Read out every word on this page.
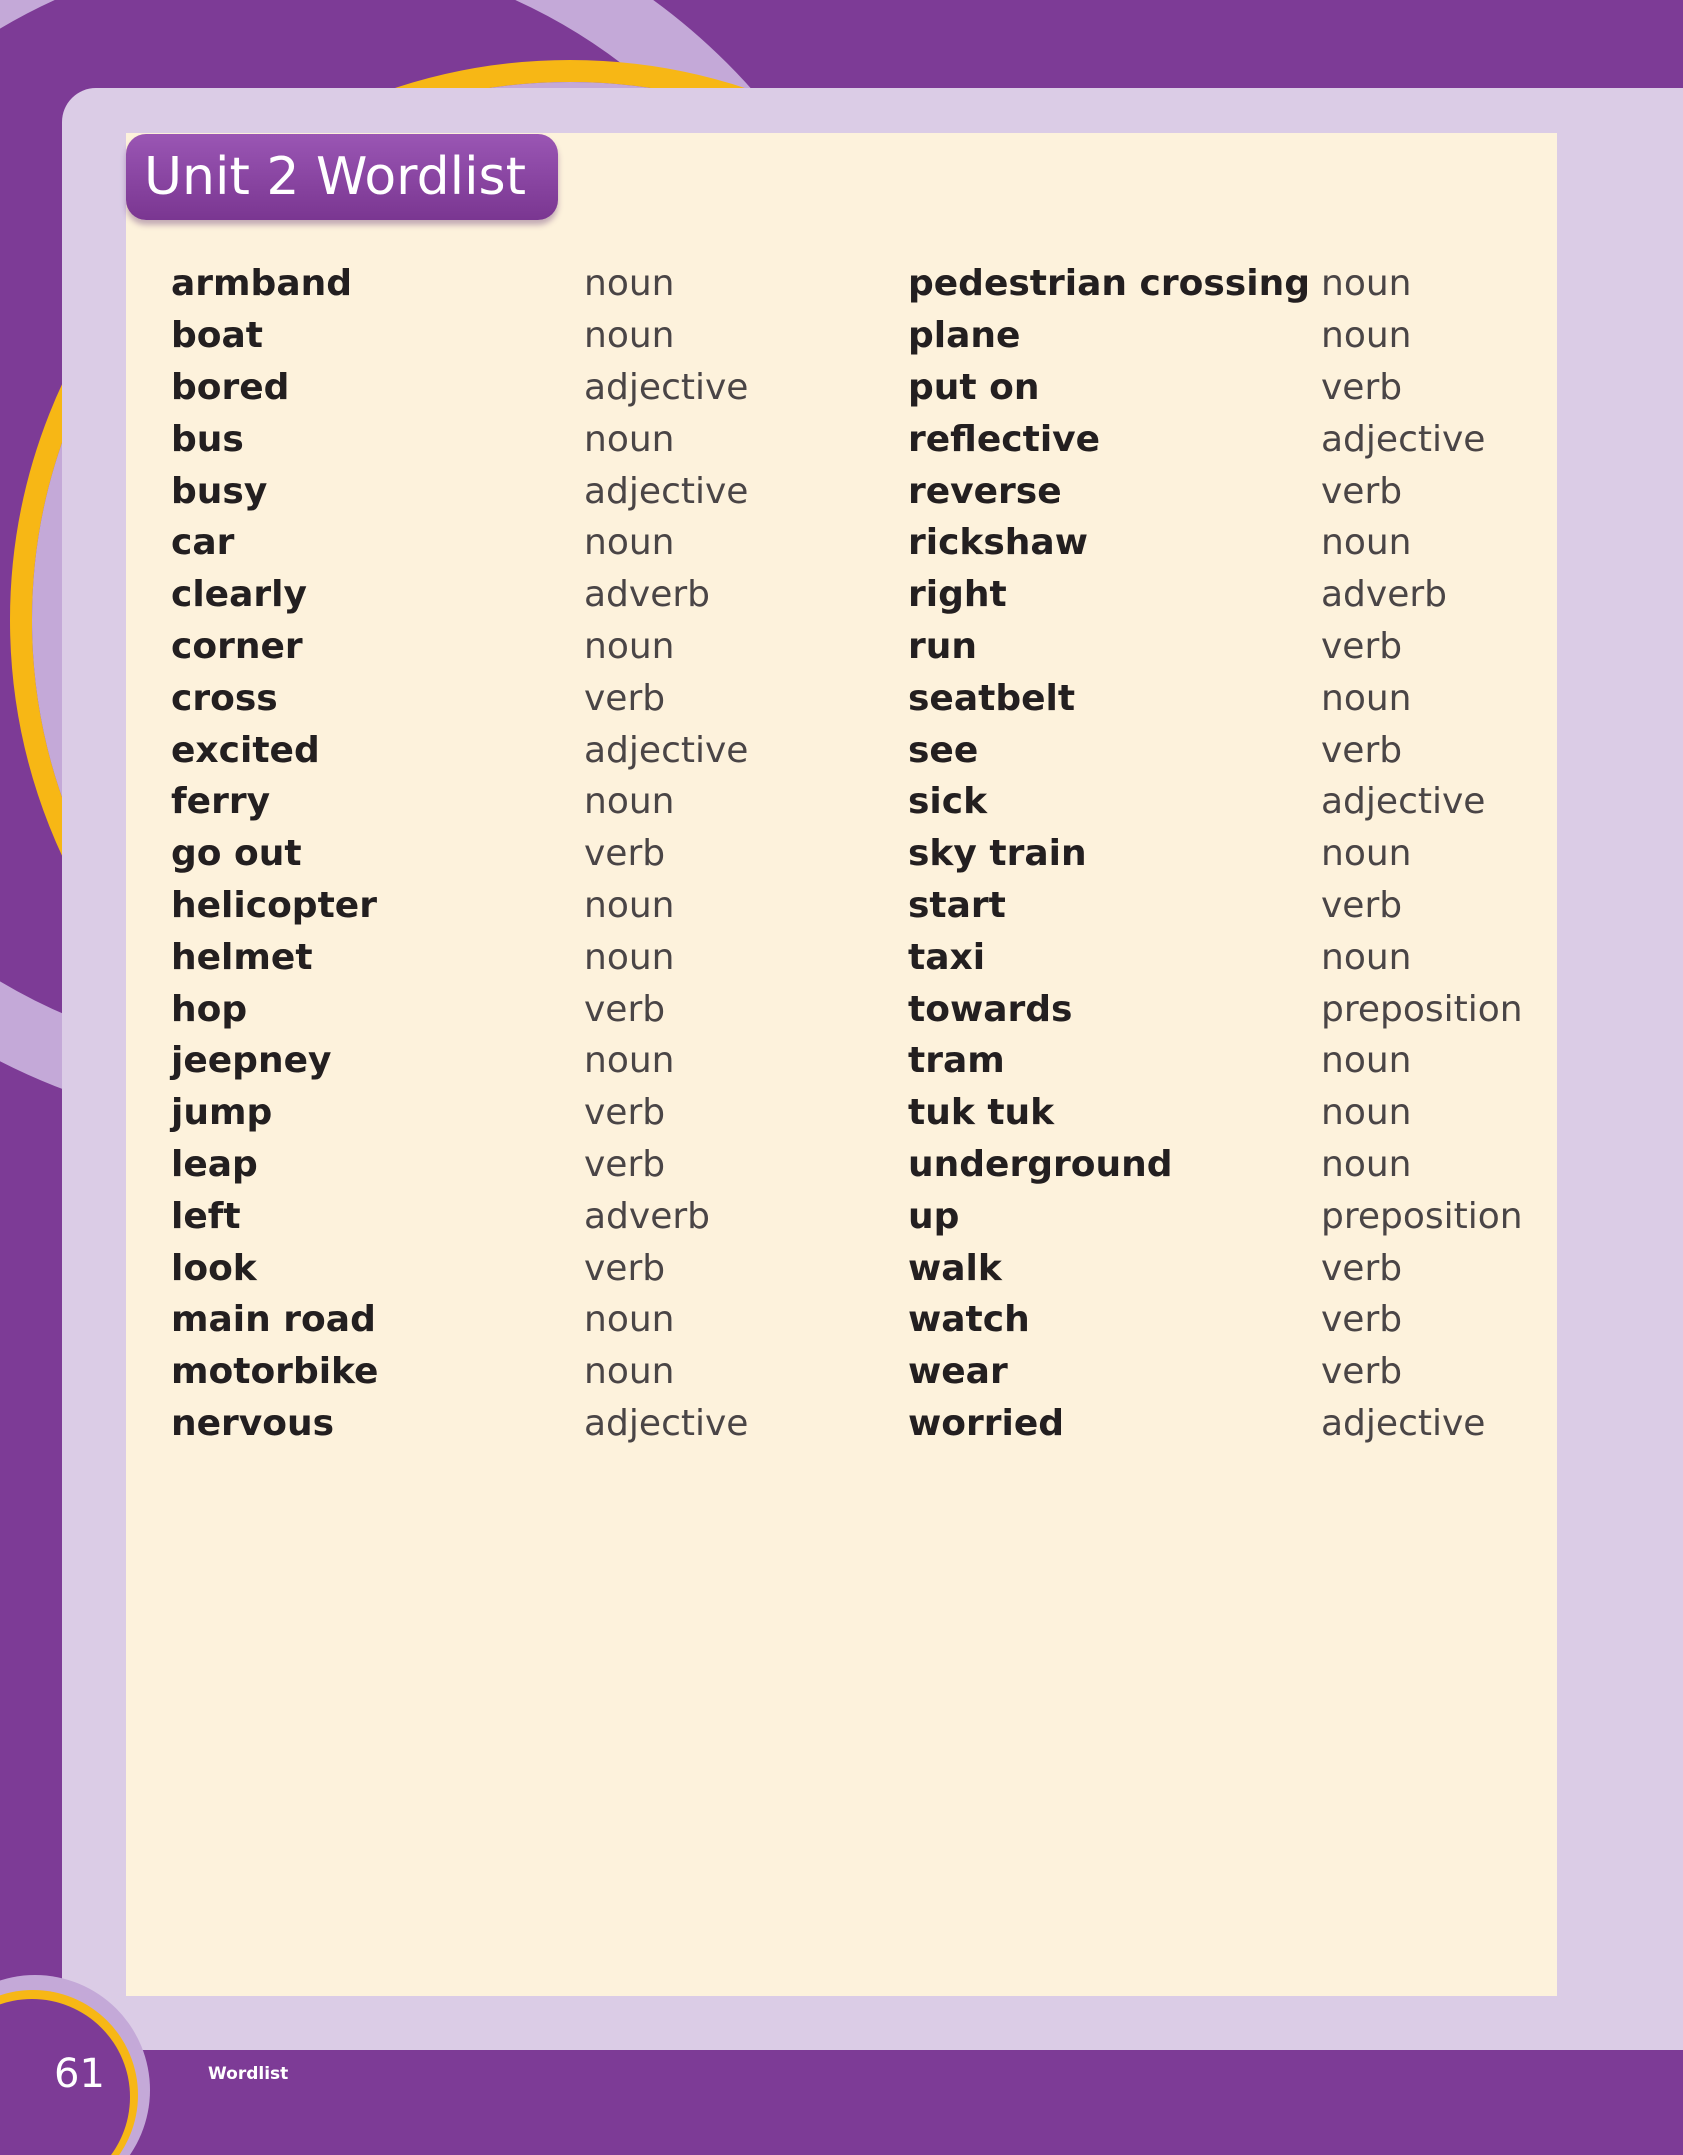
Unit 2 Wordlist
armband	noun
boat	noun
bored	adjective
bus	noun
busy	adjective
car	noun
clearly	adverb
corner	noun
cross	verb
excited	adjective
ferry	noun
go out	verb
helicopter	noun
helmet	noun
hop	verb
jeepney	noun
jump	verb
leap	verb
left	adverb
look	verb
main road	noun
motorbike	noun
nervous	adjective
pedestrian crossing noun
plane	noun
put on	verb
reflective	adjective
reverse	verb
rickshaw	noun
right	adverb
run	verb
seatbelt	noun
see	verb
sick	adjective
sky train	noun
start	verb
taxi	noun
towards	preposition
tram	noun
tuk tuk	noun
underground	noun
up	preposition
walk	verb
watch	verb
wear	verb
worried	adjective
61	Wordlist
